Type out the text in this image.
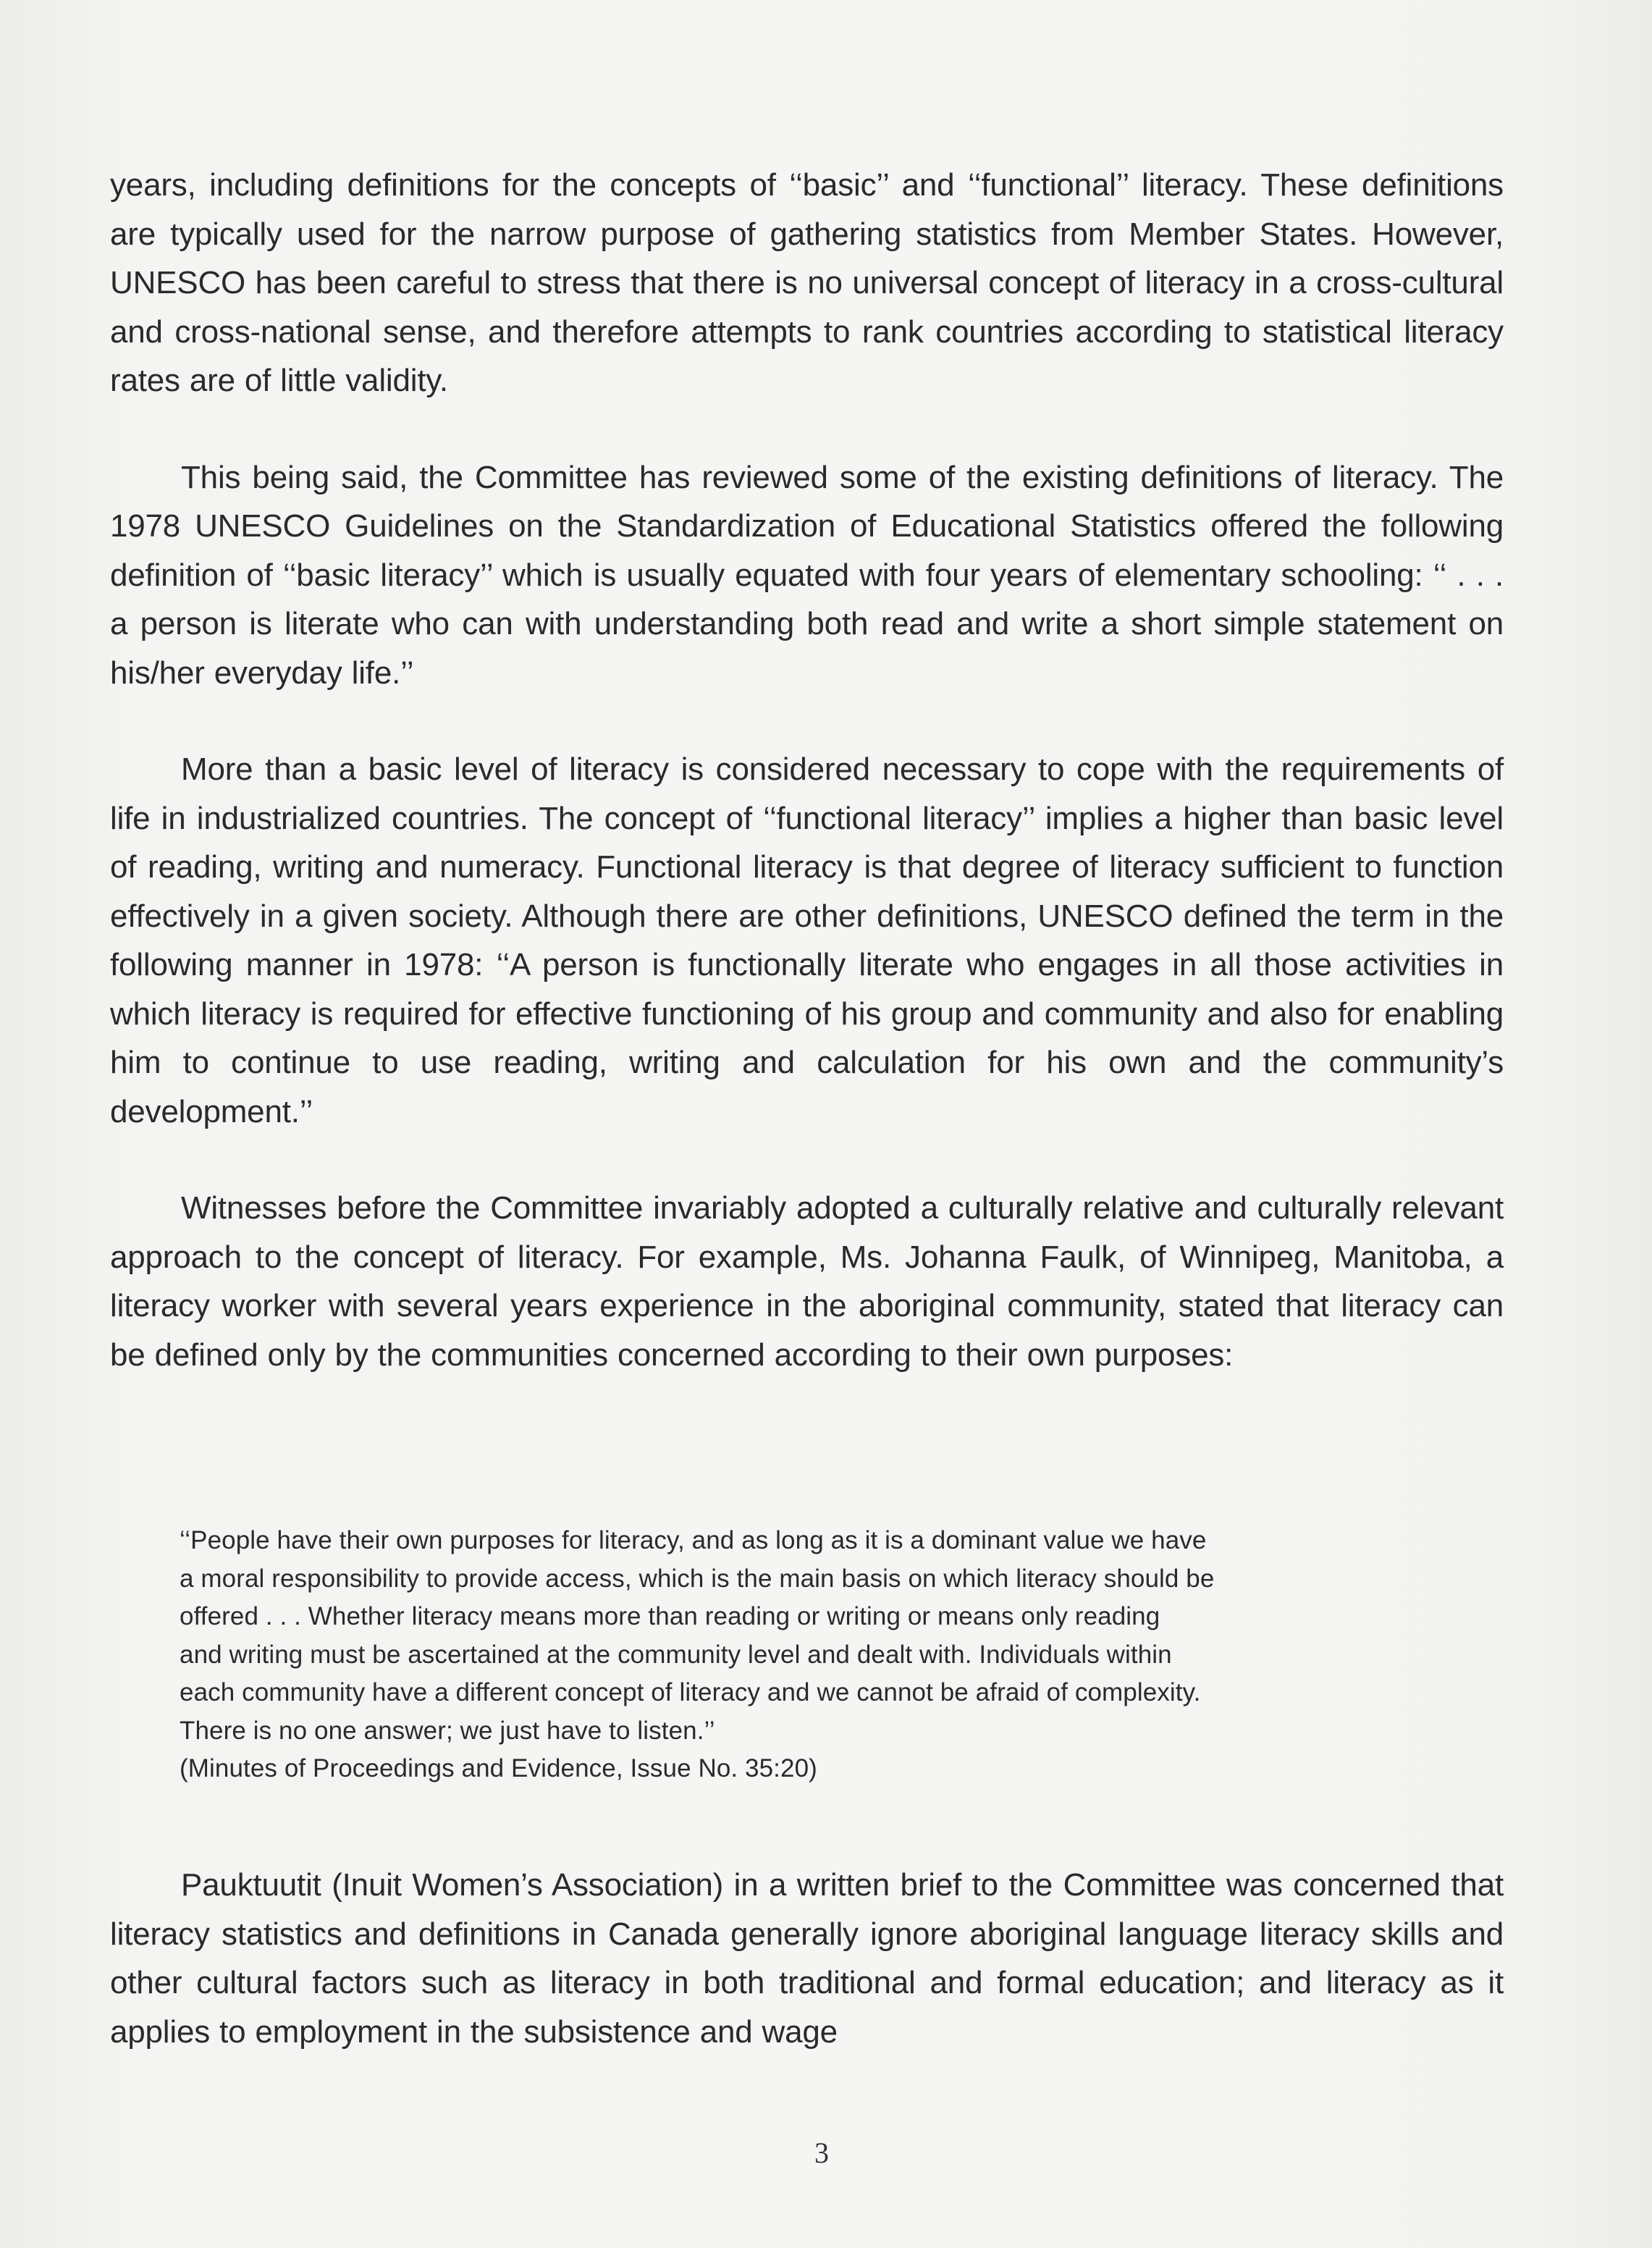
years, including definitions for the concepts of ‘‘basic’’ and ‘‘functional’’ literacy. These definitions are typically used for the narrow purpose of gathering statistics from Member States. However, UNESCO has been careful to stress that there is no universal concept of literacy in a cross-cultural and cross-national sense, and therefore attempts to rank countries according to statistical literacy rates are of little validity.

This being said, the Committee has reviewed some of the existing definitions of literacy. The 1978 UNESCO Guidelines on the Standardization of Educational Statistics offered the following definition of ‘‘basic literacy’’ which is usually equated with four years of elementary schooling: ‘‘ . . . a person is literate who can with understanding both read and write a short simple statement on his/her everyday life.’’

More than a basic level of literacy is considered necessary to cope with the requirements of life in industrialized countries. The concept of ‘‘functional literacy’’ implies a higher than basic level of reading, writing and numeracy. Functional literacy is that degree of literacy sufficient to function effectively in a given society. Although there are other definitions, UNESCO defined the term in the following manner in 1978: ‘‘A person is functionally literate who engages in all those activities in which literacy is required for effective functioning of his group and community and also for enabling him to continue to use reading, writing and calculation for his own and the community’s development.’’

Witnesses before the Committee invariably adopted a culturally relative and culturally relevant approach to the concept of literacy. For example, Ms. Johanna Faulk, of Winnipeg, Manitoba, a literacy worker with several years experience in the aboriginal community, stated that literacy can be defined only by the communities concerned according to their own purposes:

‘‘People have their own purposes for literacy, and as long as it is a dominant value we have

a moral responsibility to provide access, which is the main basis on which literacy should be

offered . . . Whether literacy means more than reading or writing or means only reading

and writing must be ascertained at the community level and dealt with. Individuals within

each community have a different concept of literacy and we cannot be afraid of complexity.

There is no one answer; we just have to listen.’’

(Minutes of Proceedings and Evidence, Issue No. 35:20)

Pauktuutit (Inuit Women’s Association) in a written brief to the Committee was concerned that literacy statistics and definitions in Canada generally ignore aboriginal language literacy skills and other cultural factors such as literacy in both traditional and formal education; and literacy as it applies to employment in the subsistence and wage

3
